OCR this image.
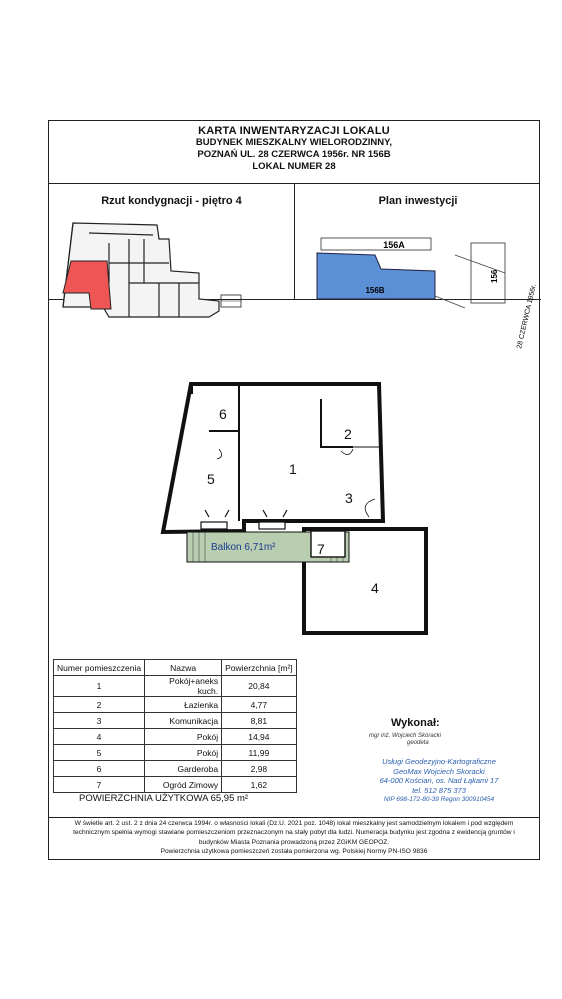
KARTA INWENTARYZACJI LOKALU
BUDYNEK MIESZKALNY WIELORODZINNY,
POZNAŃ UL. 28 CZERWCA 1956r. NR 156B
LOKAL NUMER 28
Rzut kondygnacji - piętro 4	Plan inwestycji
156A
156B
156
28 CZERWCA 1956r.
6
2
1
5
3
7
4
Balkon 6,71m²
Numer pomieszczenia	Nazwa	Powierzchnia [m²]
1	Pokój+aneks kuch.	20,84
2	Łazienka	4,77
3	Komunikacja	8,81
4	Pokój	14,94
5	Pokój	11,99
6	Garderoba	2,98
7	Ogród Zimowy	1,62
POWIERZCHNIA UŻYTKOWA 65,95 m²
Wykonał:
mgr inż. Wojciech Skoracki
geodeta
Usługi Geodezyjno-Kartograficzne
GeoMax Wojciech Skoracki
64-000 Kościan, os. Nad Łąkami 17
tel. 512 875 373
NIP 698-172-80-39 Regon 300910454
W świetle art. 2 ust. 2 z dnia 24 czerwca 1994r. o własności lokali (Dz.U. 2021 poz. 1048) lokal mieszkalny jest samodzielnym lokalem i pod względem
technicznym spełnia wymogi stawiane pomieszczeniom przeznaczonym na stały pobyt dla ludzi. Numeracja budynku jest zgodna z ewidencją gruntów i
budynków Miasta Poznania prowadzoną przez ZGiKM GEOPOZ.
Powierzchnia użytkowa pomieszczeń została pomierzona wg. Polskiej Normy PN-ISO 9836
